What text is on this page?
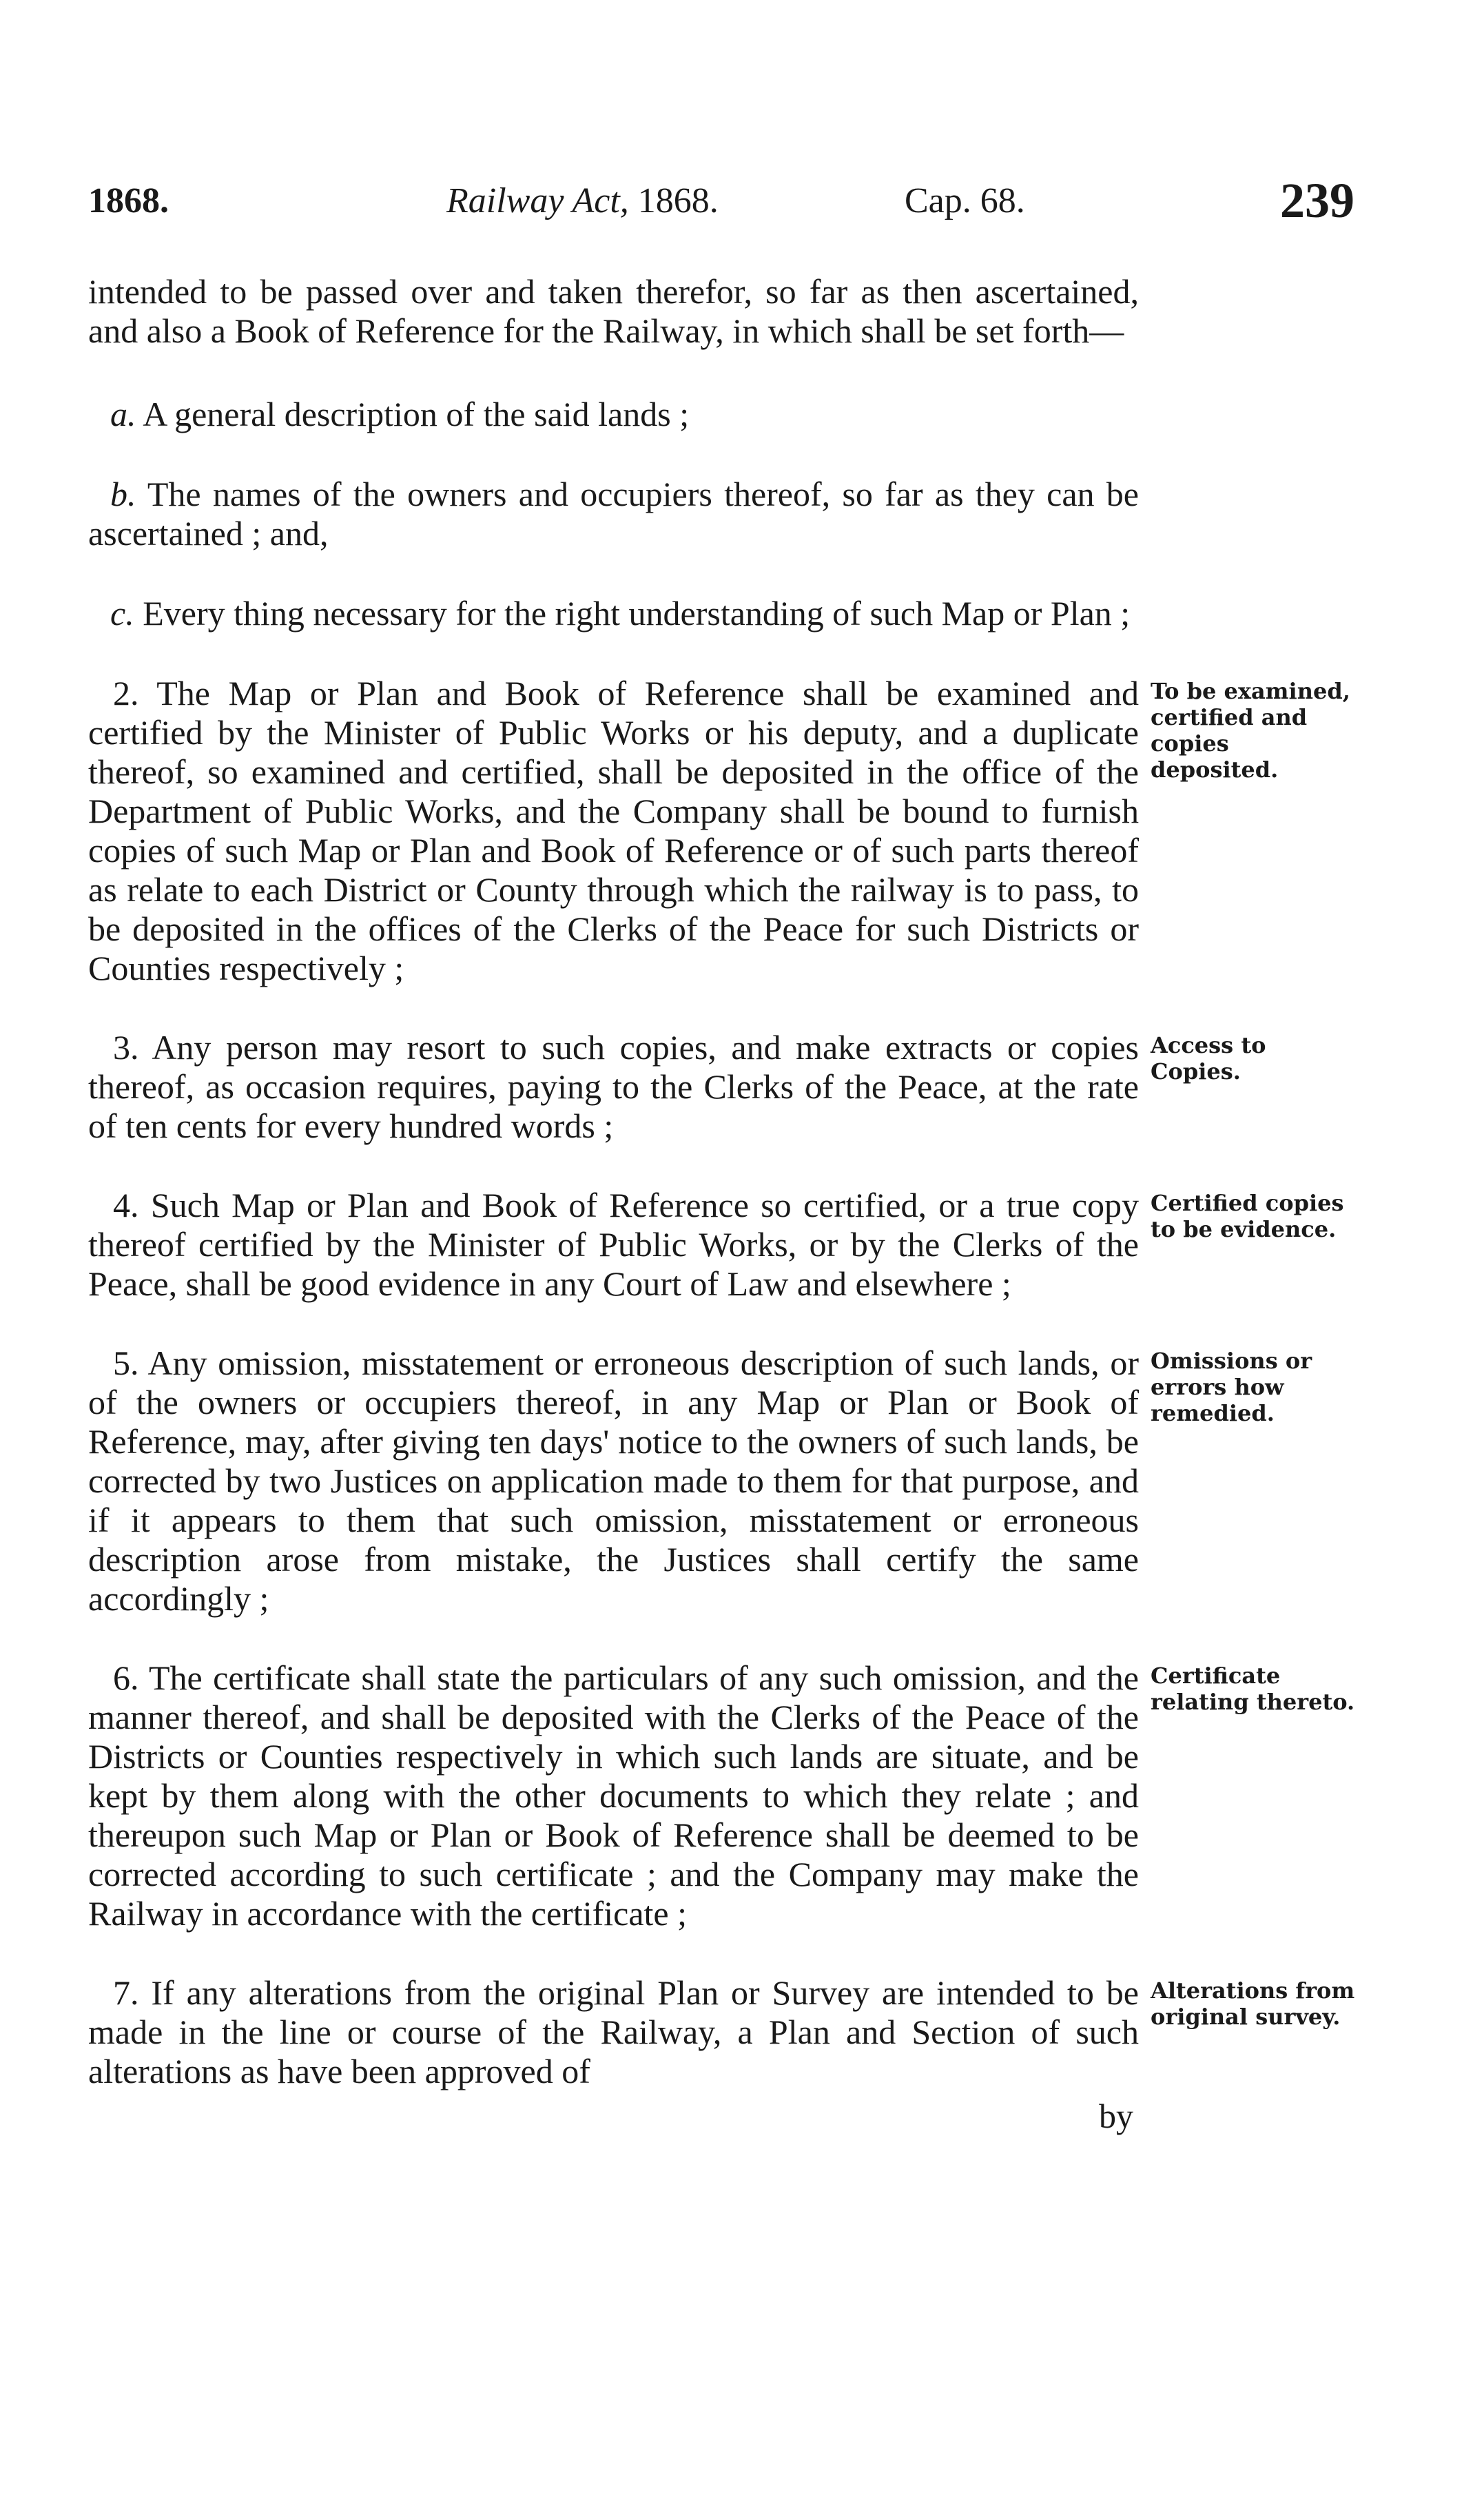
1868.	Railway Act, 1868.	Cap. 68.	239

intended to be passed over and taken therefor, so far as then ascertained, and also a Book of Reference for the Railway, in which shall be set forth—

a. A general description of the said lands ;

b. The names of the owners and occupiers thereof, so far as they can be ascertained ; and,

c. Every thing necessary for the right understanding of such Map or Plan ;

2. The Map or Plan and Book of Reference shall be examined and certified by the Minister of Public Works or his deputy, and a duplicate thereof, so examined and certified, shall be deposited in the office of the Department of Public Works, and the Company shall be bound to furnish copies of such Map or Plan and Book of Reference or of such parts thereof as relate to each District or County through which the railway is to pass, to be deposited in the offices of the Clerks of the Peace for such Districts or Counties respectively ;

3. Any person may resort to such copies, and make extracts or copies thereof, as occasion requires, paying to the Clerks of the Peace, at the rate of ten cents for every hundred words ;

4. Such Map or Plan and Book of Reference so certified, or a true copy thereof certified by the Minister of Public Works, or by the Clerks of the Peace, shall be good evidence in any Court of Law and elsewhere ;

5. Any omission, misstatement or erroneous description of such lands, or of the owners or occupiers thereof, in any Map or Plan or Book of Reference, may, after giving ten days' notice to the owners of such lands, be corrected by two Justices on application made to them for that purpose, and if it appears to them that such omission, misstatement or erroneous description arose from mistake, the Justices shall certify the same accordingly ;

6. The certificate shall state the particulars of any such omission, and the manner thereof, and shall be deposited with the Clerks of the Peace of the Districts or Counties respectively in which such lands are situate, and be kept by them along with the other documents to which they relate ; and thereupon such Map or Plan or Book of Reference shall be deemed to be corrected according to such certificate ; and the Company may make the Railway in accordance with the certificate ;

7. If any alterations from the original Plan or Survey are intended to be made in the line or course of the Railway, a Plan and Section of such alterations as have been approved of

by

To be examined, certified and copies deposited.
Access to Copies.
Certified copies to be evidence.
Omissions or errors how remedied.
Certificate relating thereto.
Alterations from original survey.
